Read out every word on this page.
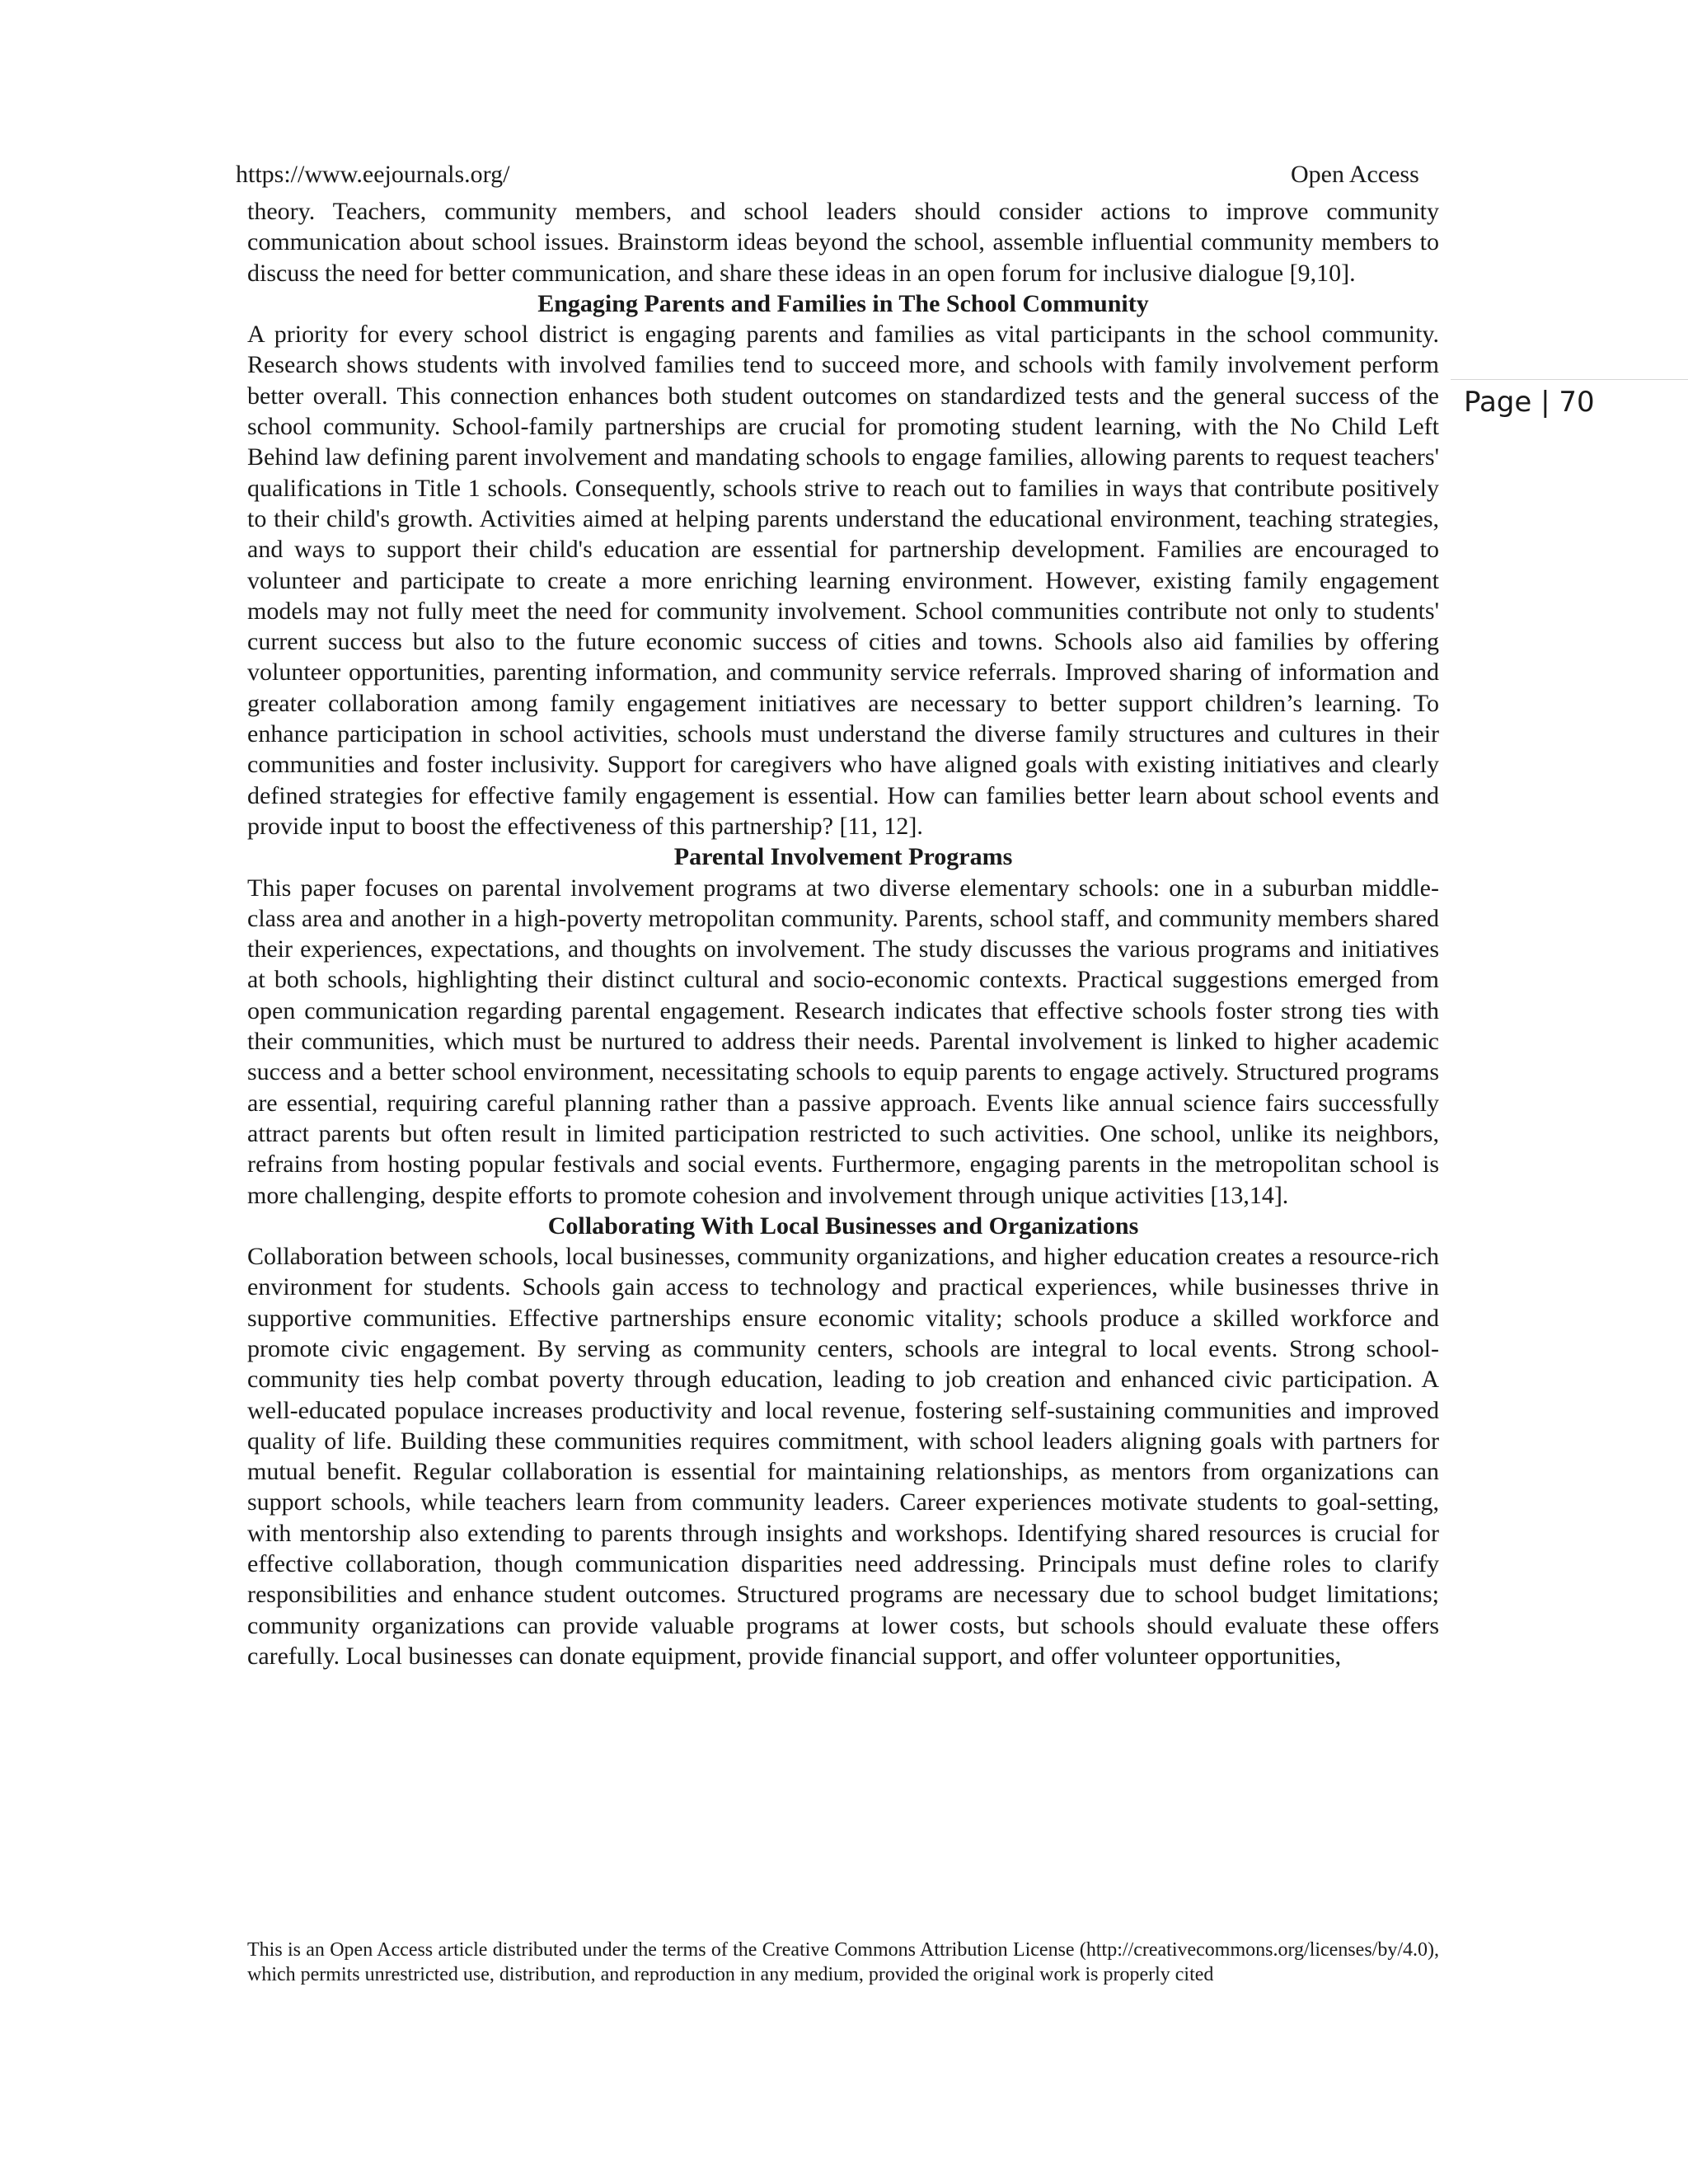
https://www.eejournals.org/	Open Access
Page | 70

theory. Teachers, community members, and school leaders should consider actions to improve community communication about school issues. Brainstorm ideas beyond the school, assemble influential community members to discuss the need for better communication, and share these ideas in an open forum for inclusive dialogue [9,10].

Engaging Parents and Families in The School Community

A priority for every school district is engaging parents and families as vital participants in the school community. Research shows students with involved families tend to succeed more, and schools with family involvement perform better overall. This connection enhances both student outcomes on standardized tests and the general success of the school community. School-family partnerships are crucial for promoting student learning, with the No Child Left Behind law defining parent involvement and mandating schools to engage families, allowing parents to request teachers' qualifications in Title 1 schools. Consequently, schools strive to reach out to families in ways that contribute positively to their child's growth. Activities aimed at helping parents understand the educational environment, teaching strategies, and ways to support their child's education are essential for partnership development. Families are encouraged to volunteer and participate to create a more enriching learning environment. However, existing family engagement models may not fully meet the need for community involvement. School communities contribute not only to students' current success but also to the future economic success of cities and towns. Schools also aid families by offering volunteer opportunities, parenting information, and community service referrals. Improved sharing of information and greater collaboration among family engagement initiatives are necessary to better support children’s learning. To enhance participation in school activities, schools must understand the diverse family structures and cultures in their communities and foster inclusivity. Support for caregivers who have aligned goals with existing initiatives and clearly defined strategies for effective family engagement is essential. How can families better learn about school events and provide input to boost the effectiveness of this partnership? [11, 12].

Parental Involvement Programs

This paper focuses on parental involvement programs at two diverse elementary schools: one in a suburban middle-class area and another in a high-poverty metropolitan community. Parents, school staff, and community members shared their experiences, expectations, and thoughts on involvement. The study discusses the various programs and initiatives at both schools, highlighting their distinct cultural and socio-economic contexts. Practical suggestions emerged from open communication regarding parental engagement. Research indicates that effective schools foster strong ties with their communities, which must be nurtured to address their needs. Parental involvement is linked to higher academic success and a better school environment, necessitating schools to equip parents to engage actively. Structured programs are essential, requiring careful planning rather than a passive approach. Events like annual science fairs successfully attract parents but often result in limited participation restricted to such activities. One school, unlike its neighbors, refrains from hosting popular festivals and social events. Furthermore, engaging parents in the metropolitan school is more challenging, despite efforts to promote cohesion and involvement through unique activities [13,14].

Collaborating With Local Businesses and Organizations

Collaboration between schools, local businesses, community organizations, and higher education creates a resource-rich environment for students. Schools gain access to technology and practical experiences, while businesses thrive in supportive communities. Effective partnerships ensure economic vitality; schools produce a skilled workforce and promote civic engagement. By serving as community centers, schools are integral to local events. Strong school-community ties help combat poverty through education, leading to job creation and enhanced civic participation. A well-educated populace increases productivity and local revenue, fostering self-sustaining communities and improved quality of life. Building these communities requires commitment, with school leaders aligning goals with partners for mutual benefit. Regular collaboration is essential for maintaining relationships, as mentors from organizations can support schools, while teachers learn from community leaders. Career experiences motivate students to goal-setting, with mentorship also extending to parents through insights and workshops. Identifying shared resources is crucial for effective collaboration, though communication disparities need addressing. Principals must define roles to clarify responsibilities and enhance student outcomes. Structured programs are necessary due to school budget limitations; community organizations can provide valuable programs at lower costs, but schools should evaluate these offers carefully. Local businesses can donate equipment, provide financial support, and offer volunteer opportunities,

This is an Open Access article distributed under the terms of the Creative Commons Attribution License (http://creativecommons.org/licenses/by/4.0), which permits unrestricted use, distribution, and reproduction in any medium, provided the original work is properly cited
